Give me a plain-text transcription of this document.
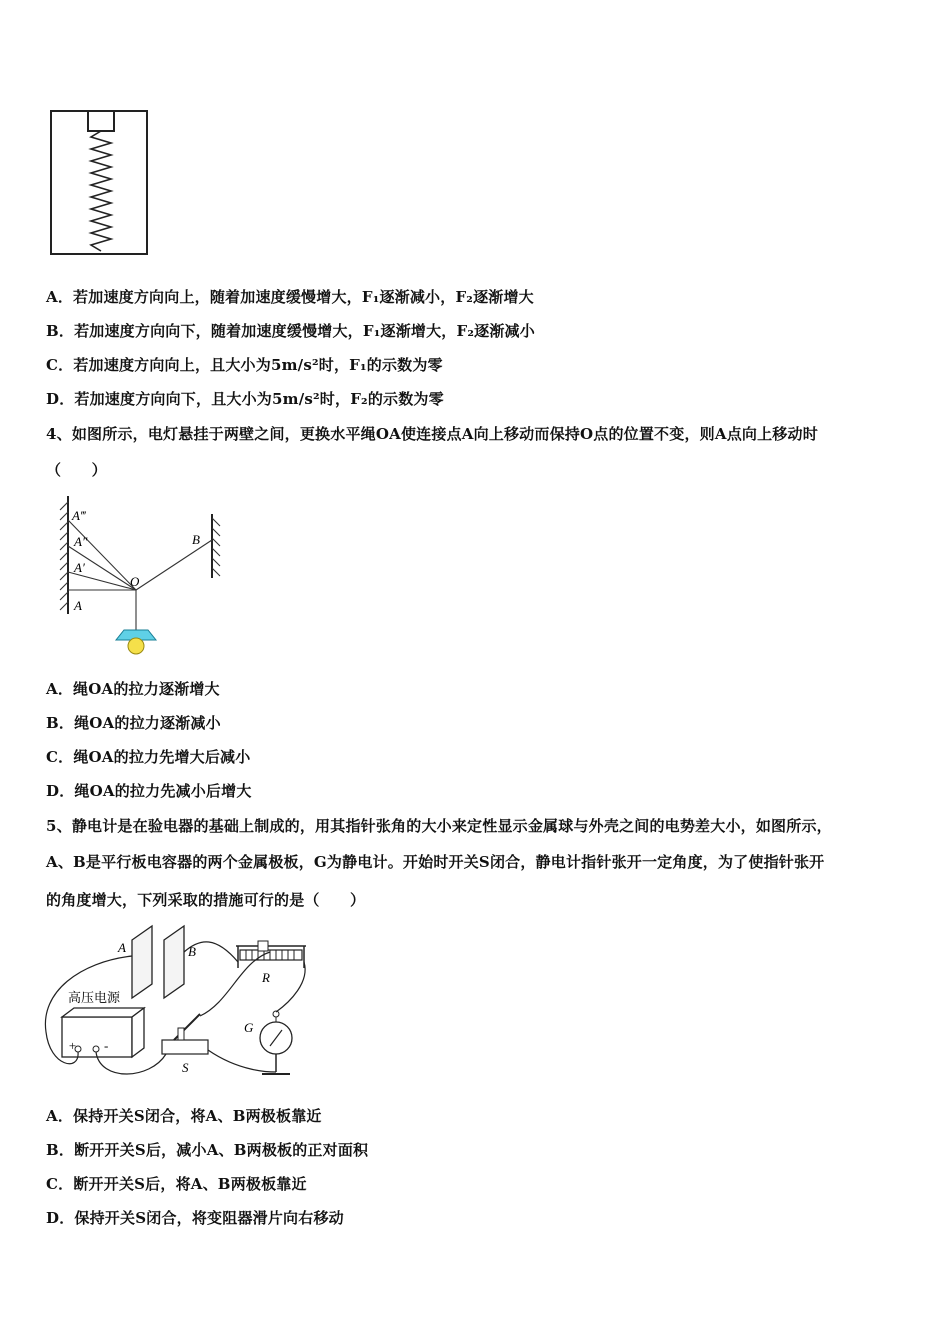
A．若加速度方向向上，随着加速度缓慢增大，F₁逐渐减小，F₂逐渐增大
B．若加速度方向向下，随着加速度缓慢增大，F₁逐渐增大，F₂逐渐减小
C．若加速度方向向上，且大小为5m/s²时，F₁的示数为零
D．若加速度方向向下，且大小为5m/s²时，F₂的示数为零
4、如图所示，电灯悬挂于两壁之间，更换水平绳OA使连接点A向上移动而保持O点的位置不变，则A点向上移动时
（　　）
A‴
A″
A′
A
O
B
A．绳OA的拉力逐渐增大
B．绳OA的拉力逐渐减小
C．绳OA的拉力先增大后减小
D．绳OA的拉力先减小后增大
5、静电计是在验电器的基础上制成的，用其指针张角的大小来定性显示金属球与外壳之间的电势差大小，如图所示，
A、B是平行板电容器的两个金属极板，G为静电计。开始时开关S闭合，静电计指针张开一定角度，为了使指针张开
的角度增大，下列采取的措施可行的是（　　）
A	B
R
G
S
高压电源
+ -
A．保持开关S闭合，将A、B两极板靠近
B．断开开关S后，减小A、B两极板的正对面积
C．断开开关S后，将A、B两极板靠近
D．保持开关S闭合，将变阻器滑片向右移动
